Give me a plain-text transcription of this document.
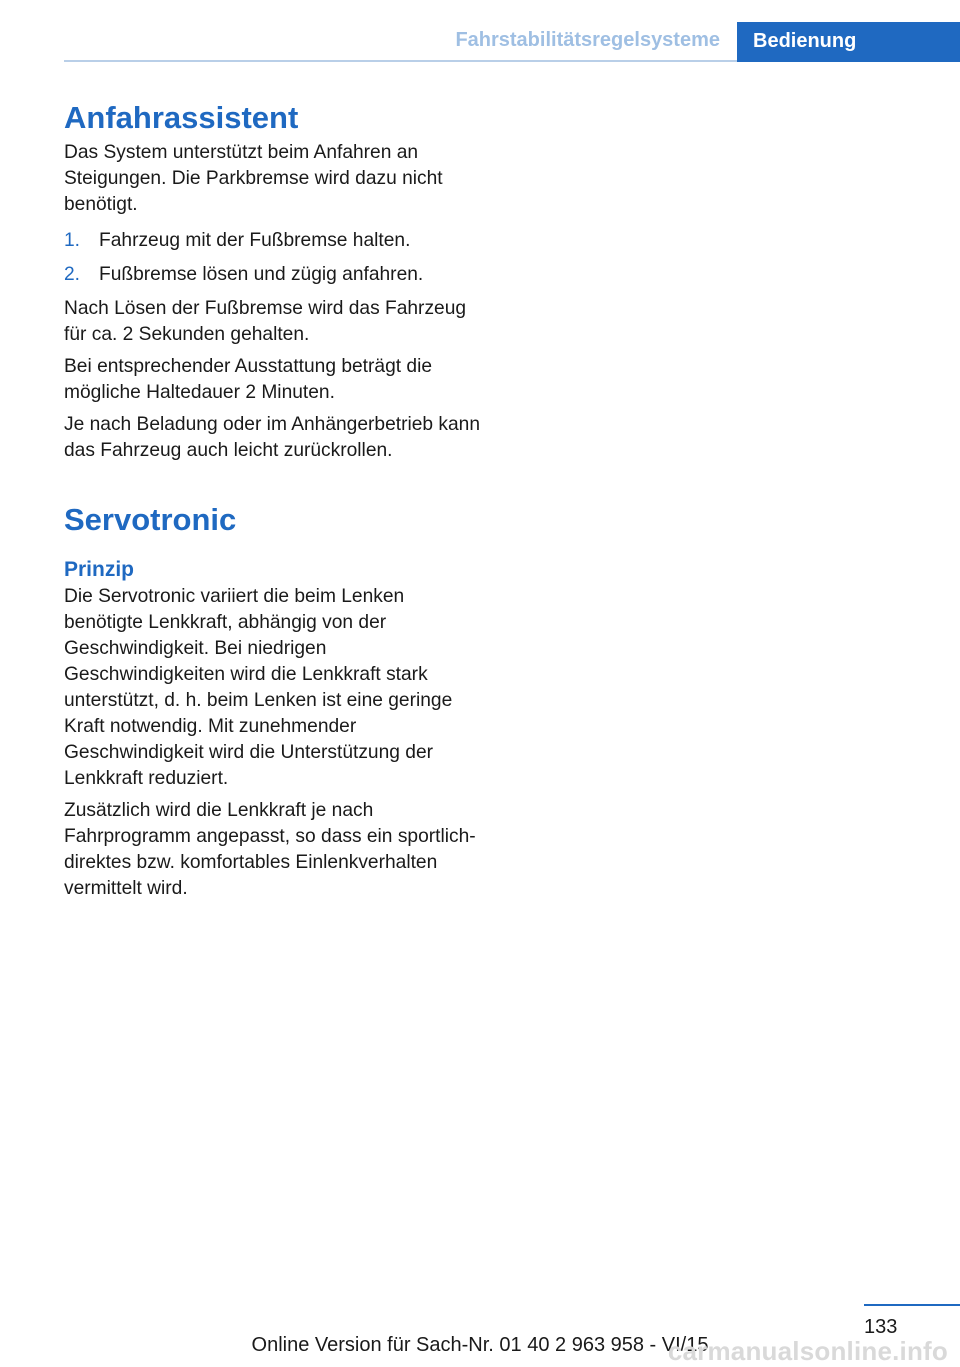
Fahrstabilitätsregelsysteme	Bedienung
Anfahrassistent

Das System unterstützt beim Anfahren an Steigungen. Die Parkbremse wird dazu nicht benötigt.

1. Fahrzeug mit der Fußbremse halten.
2. Fußbremse lösen und zügig anfahren.

Nach Lösen der Fußbremse wird das Fahrzeug für ca. 2 Sekunden gehalten.

Bei entsprechender Ausstattung beträgt die mögliche Haltedauer 2 Minuten.

Je nach Beladung oder im Anhängerbetrieb kann das Fahrzeug auch leicht zurückrollen.

Servotronic
Prinzip

Die Servotronic variiert die beim Lenken benötigte Lenkkraft, abhängig von der Geschwindigkeit. Bei niedrigen Geschwindigkeiten wird die Lenkkraft stark unterstützt, d. h. beim Lenken ist eine geringe Kraft notwendig. Mit zunehmender Geschwindigkeit wird die Unterstützung der Lenkkraft reduziert.

Zusätzlich wird die Lenkkraft je nach Fahrprogramm angepasst, so dass ein sportlich-direktes bzw. komfortables Einlenkverhalten vermittelt wird.

133
Online Version für Sach-Nr. 01 40 2 963 958 - VI/15
carmanualsonline.info
